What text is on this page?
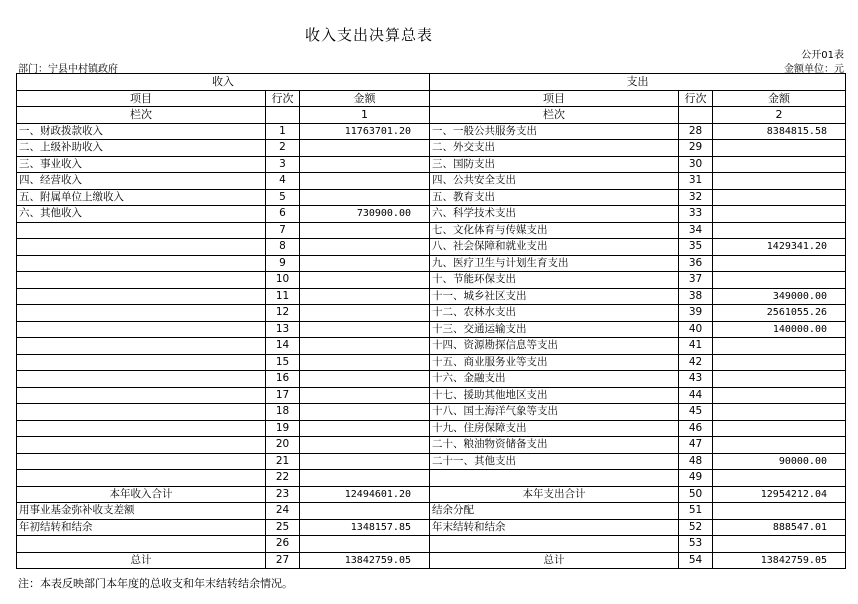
收入支出决算总表
公开01表
金额单位：元
部门：宁县中村镇政府
收入			支出		
项目	行次	金额	项目	行次	金额
栏次		1	栏次		2
一、财政拨款收入	1	11763701.20	一、一般公共服务支出	28	8384815.58
二、上级补助收入	2		二、外交支出	29	
三、事业收入	3		三、国防支出	30	
四、经营收入	4		四、公共安全支出	31	
五、附属单位上缴收入	5		五、教育支出	32	
六、其他收入	6	730900.00	六、科学技术支出	33	
	7		七、文化体育与传媒支出	34	
	8		八、社会保障和就业支出	35	1429341.20
	9		九、医疗卫生与计划生育支出	36	
	10		十、节能环保支出	37	
	11		十一、城乡社区支出	38	349000.00
	12		十二、农林水支出	39	2561055.26
	13		十三、交通运输支出	40	140000.00
	14		十四、资源勘探信息等支出	41	
	15		十五、商业服务业等支出	42	
	16		十六、金融支出	43	
	17		十七、援助其他地区支出	44	
	18		十八、国土海洋气象等支出	45	
	19		十九、住房保障支出	46	
	20		二十、粮油物资储备支出	47	
	21		二十一、其他支出	48	90000.00
	22			49	
本年收入合计	23	12494601.20	本年支出合计	50	12954212.04
用事业基金弥补收支差额	24		结余分配	51	
年初结转和结余	25	1348157.85	年末结转和结余	52	888547.01
	26			53	
总计	27	13842759.05	总计	54	13842759.05
注：本表反映部门本年度的总收支和年末结转结余情况。
